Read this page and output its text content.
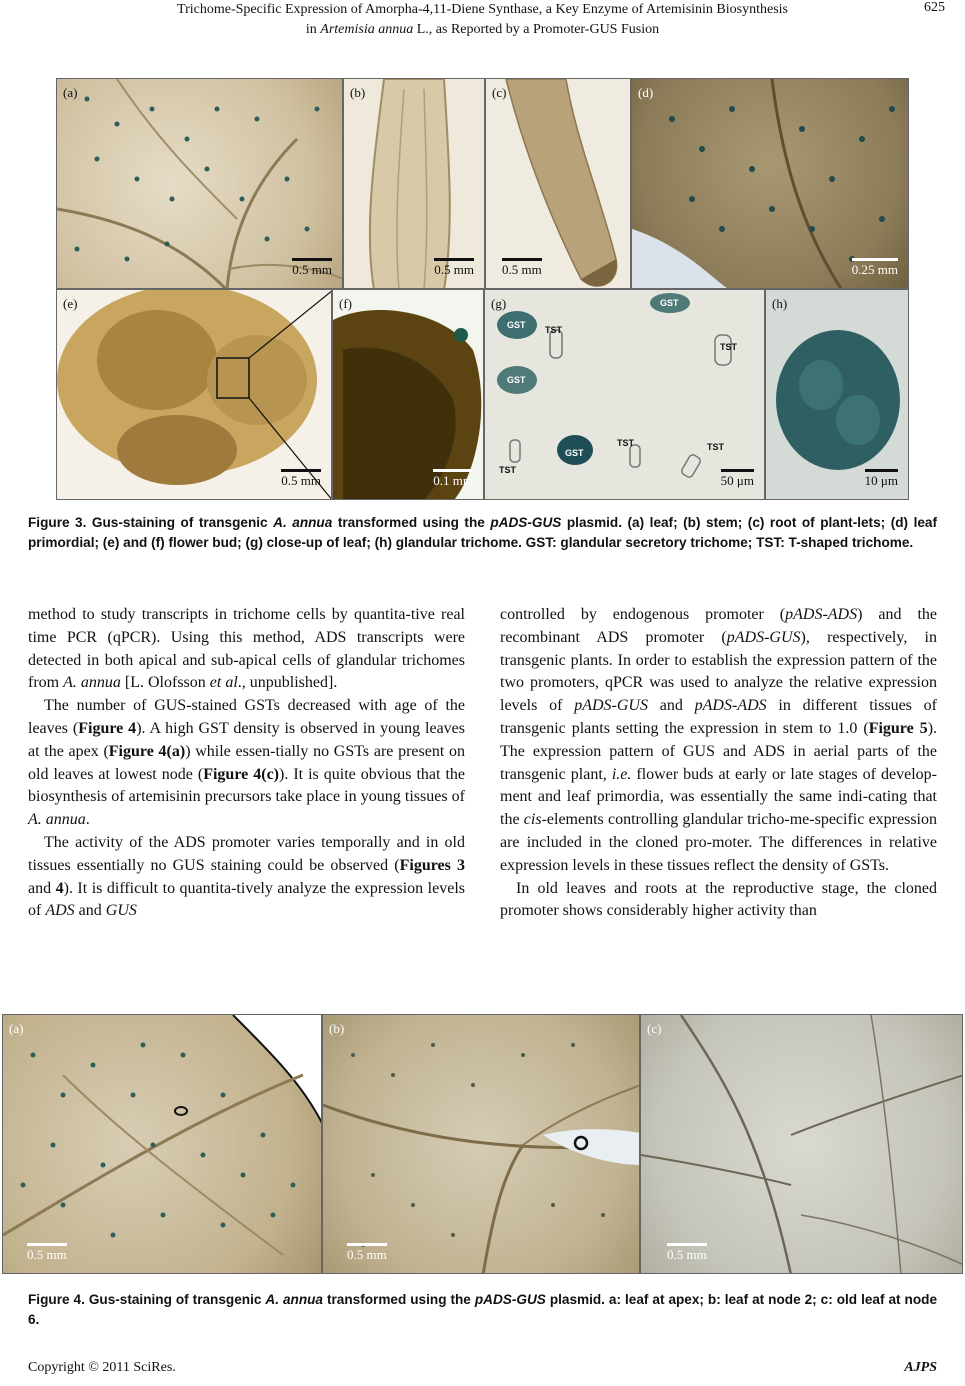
Trichome-Specific Expression of Amorpha-4,11-Diene Synthase, a Key Enzyme of Artemisinin Biosynthesis
in Artemisia annua L., as Reported by a Promoter-GUS Fusion
625
(a)
0.5 mm
(b)
0.5 mm
(c)
0.5 mm
(d)
0.25 mm
(e)
0.5 mm
(f)
0.1 mm
GST
GST
GST
GST
TST
TST
TST	TST
TST
(g)
50 μm
(h)
10 μm
Figure 3. Gus-staining of transgenic A. annua transformed using the pADS-GUS plasmid. (a) leaf; (b) stem; (c) root of plant-lets; (d) leaf primordial; (e) and (f) flower bud; (g) close-up of leaf; (h) glandular trichome. GST: glandular secretory trichome; TST: T-shaped trichome.

method to study transcripts in trichome cells by quantita-tive real time PCR (qPCR). Using this method, ADS transcripts were detected in both apical and sub-apical cells of glandular trichomes from A. annua [L. Olofsson et al., unpublished].

The number of GUS-stained GSTs decreased with age of the leaves (Figure 4). A high GST density is observed in young leaves at the apex (Figure 4(a)) while essen-tially no GSTs are present on old leaves at lowest node (Figure 4(c)). It is quite obvious that the biosynthesis of artemisinin precursors take place in young tissues of A. annua.

The activity of the ADS promoter varies temporally and in old tissues essentially no GUS staining could be observed (Figures 3 and 4). It is difficult to quantita-tively analyze the expression levels of ADS and GUS

controlled by endogenous promoter (pADS-ADS) and the recombinant ADS promoter (pADS-GUS), respectively, in transgenic plants. In order to establish the expression pattern of the two promoters, qPCR was used to analyze the relative expression levels of pADS-GUS and pADS-ADS in different tissues of transgenic plants setting the expression in stem to 1.0 (Figure 5). The expression pattern of GUS and ADS in aerial parts of the transgenic plant, i.e. flower buds at early or late stages of develop-ment and leaf primordia, was essentially the same indi-cating that the cis-elements controlling glandular tricho-me-specific expression are included in the cloned pro-moter. The differences in relative expression levels in these tissues reflect the density of GSTs.

In old leaves and roots at the reproductive stage, the cloned promoter shows considerably higher activity than

(a)
0.5 mm
(b)
0.5 mm
(c)
0.5 mm
Figure 4. Gus-staining of transgenic A. annua transformed using the pADS-GUS plasmid. a: leaf at apex; b: leaf at node 2; c: old leaf at node 6.
Copyright © 2011 SciRes.	AJPS
